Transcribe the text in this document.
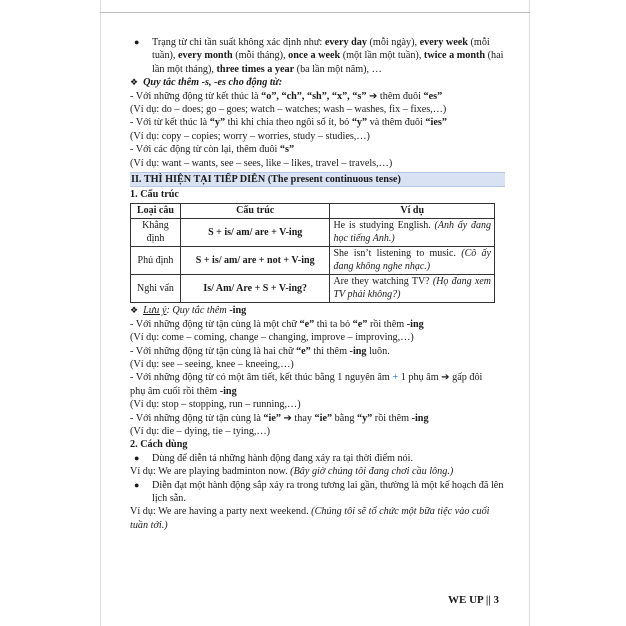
●	Trạng từ chỉ tần suất không xác định như: every day (mỗi ngày), every week (mỗi tuần), every month (mỗi tháng), once a week (một lần một tuần), twice a month (hai lần một tháng), three times a year (ba lần một năm), …
❖ Quy tắc thêm -s, -es cho động từ:
- Với những động từ kết thúc là “o”, “ch”, “sh”, “x”, “s” ➔ thêm đuôi “es”
(Ví dụ: do – does; go – goes; watch – watches; wash – washes, fix – fixes,…)
- Với từ kết thúc là “y” thì khi chia theo ngôi số ít, bỏ “y” và thêm đuôi “ies”
(Ví dụ: copy – copies; worry – worries, study – studies,…)
- Với các động từ còn lại, thêm đuôi “s”
(Ví dụ: want – wants, see – sees, like – likes, travel – travels,…)
II. THÌ HIỆN TẠI TIẾP DIỄN (The present continuous tense)
1. Cấu trúc
Loại câu	Cấu trúc	Ví dụ
Khẳng định	S + is/ am/ are + V-ing	He is studying English. (Anh ấy đang học tiếng Anh.)
Phủ định	S + is/ am/ are + not + V-ing	She isn’t listening to music. (Cô ấy đang không nghe nhạc.)
Nghi vấn	Is/ Am/ Are + S + V-ing?	Are they watching TV? (Họ đang xem TV phải không?)
❖ Lưu ý: Quy tắc thêm -ing
- Với những động từ tận cùng là một chữ “e” thì ta bỏ “e” rồi thêm -ing
(Ví dụ: come – coming, change – changing, improve – improving,…)
- Với những động từ tận cùng là hai chữ “e” thì thêm -ing luôn.
(Ví dụ: see – seeing, knee – kneeing,…)
- Với những động từ có một âm tiết, kết thúc bằng 1 nguyên âm + 1 phụ âm ➔ gấp đôi
phụ âm cuối rồi thêm -ing
(Ví dụ: stop – stopping, run – running,…)
- Với những động từ tận cùng là “ie” ➔ thay “ie” bằng “y” rồi thêm -ing
(Ví dụ: die – dying, tie – tying,…)
2. Cách dùng
●	Dùng để diễn tả những hành động đang xảy ra tại thời điểm nói.
Ví dụ: We are playing badminton now. (Bây giờ chúng tôi đang chơi cầu lông.)
●	Diễn đạt một hành động sắp xảy ra trong tương lai gần, thường là một kế hoạch đã lên lịch sẵn.
Ví dụ: We are having a party next weekend. (Chúng tôi sẽ tổ chức một bữa tiệc vào cuối tuần tới.)
WE UP || 3
